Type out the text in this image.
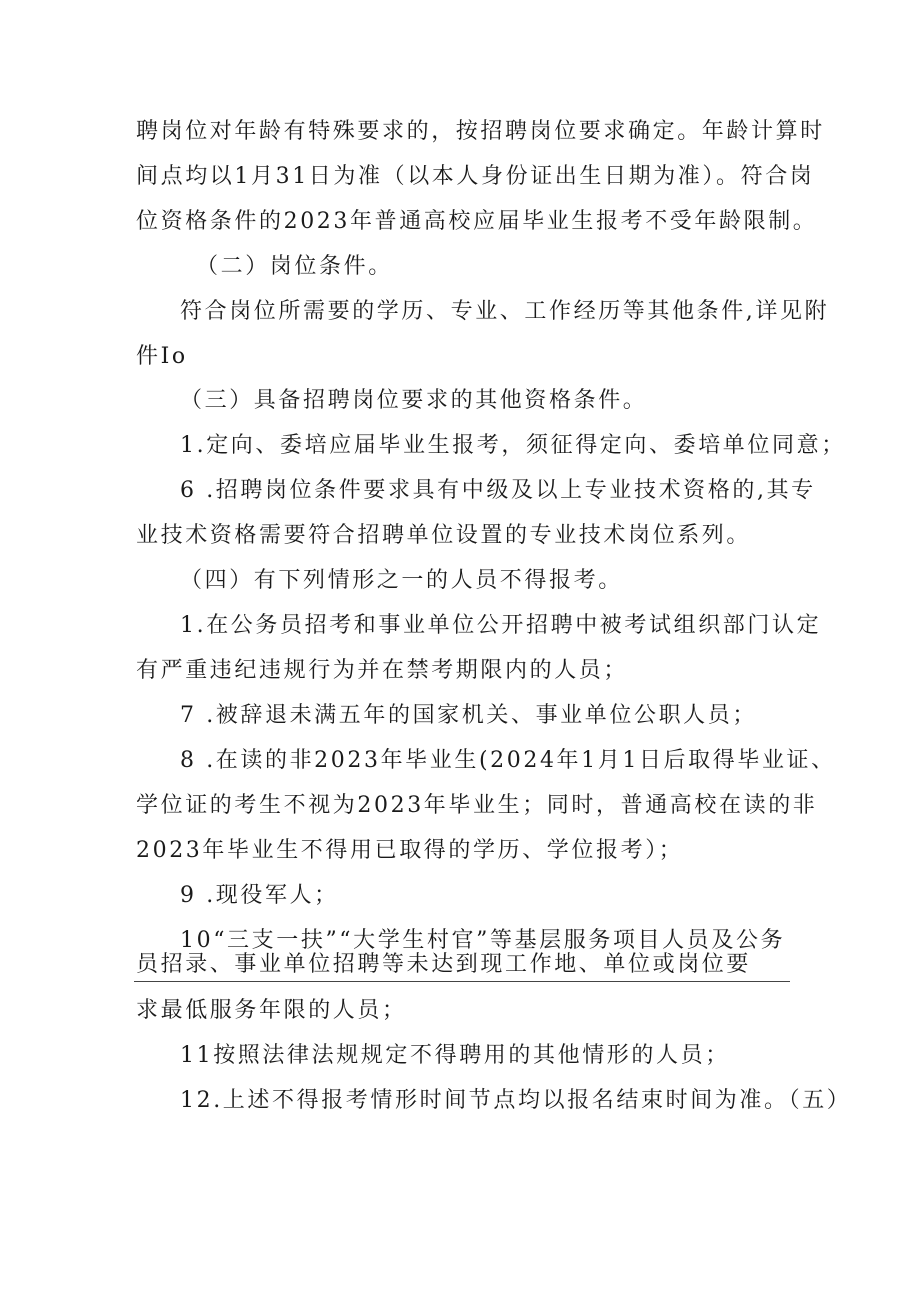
聘岗位对年龄有特殊要求的，按招聘岗位要求确定。年龄计算时
间点均以1月31日为准（以本人身份证出生日期为准）。符合岗
位资格条件的2023年普通高校应届毕业生报考不受年龄限制。
（二）岗位条件。
符合岗位所需要的学历、专业、工作经历等其他条件,详见附
件Io
（三）具备招聘岗位要求的其他资格条件。
1.定向、委培应届毕业生报考，须征得定向、委培单位同意；
6 .招聘岗位条件要求具有中级及以上专业技术资格的,其专
业技术资格需要符合招聘单位设置的专业技术岗位系列。
（四）有下列情形之一的人员不得报考。
1.在公务员招考和事业单位公开招聘中被考试组织部门认定
有严重违纪违规行为并在禁考期限内的人员；
7 .被辞退未满五年的国家机关、事业单位公职人员；
8 .在读的非2023年毕业生(2024年1月1日后取得毕业证、
学位证的考生不视为2023年毕业生；同时，普通高校在读的非
2023年毕业生不得用已取得的学历、学位报考）；
9 .现役军人；
10“三支一扶”“大学生村官”等基层服务项目人员及公务
员招录、事业单位招聘等未达到现工作地、单位或岗位要
求最低服务年限的人员；
11按照法律法规规定不得聘用的其他情形的人员；
12.上述不得报考情形时间节点均以报名结束时间为准。（五）
